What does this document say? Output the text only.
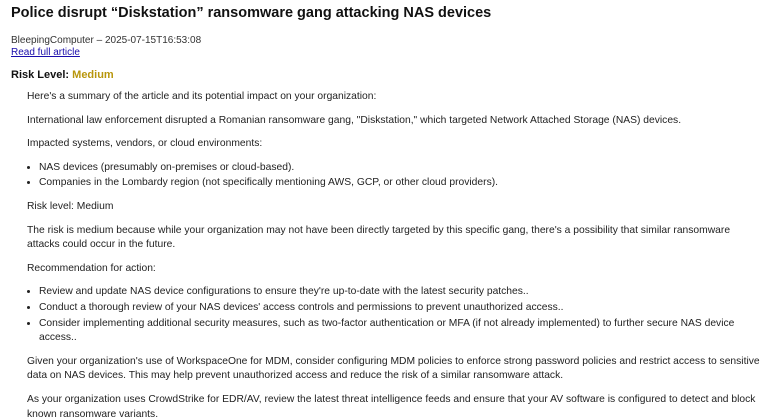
Police disrupt “Diskstation” ransomware gang attacking NAS devices
BleepingComputer – 2025-07-15T16:53:08
Read full article
Risk Level: Medium

Here's a summary of the article and its potential impact on your organization:

International law enforcement disrupted a Romanian ransomware gang, "Diskstation," which targeted Network Attached Storage (NAS) devices.

Impacted systems, vendors, or cloud environments:

• NAS devices (presumably on-premises or cloud-based).
• Companies in the Lombardy region (not specifically mentioning AWS, GCP, or other cloud providers).

Risk level: Medium

The risk is medium because while your organization may not have been directly targeted by this specific gang, there's a possibility that similar ransomware attacks could occur in the future.

Recommendation for action:

• Review and update NAS device configurations to ensure they're up-to-date with the latest security patches..
• Conduct a thorough review of your NAS devices' access controls and permissions to prevent unauthorized access..
• Consider implementing additional security measures, such as two-factor authentication or MFA (if not already implemented) to further secure NAS device access..

Given your organization's use of WorkspaceOne for MDM, consider configuring MDM policies to enforce strong password policies and restrict access to sensitive data on NAS devices. This may help prevent unauthorized access and reduce the risk of a similar ransomware attack.

As your organization uses CrowdStrike for EDR/AV, review the latest threat intelligence feeds and ensure that your AV software is configured to detect and block known ransomware variants.
